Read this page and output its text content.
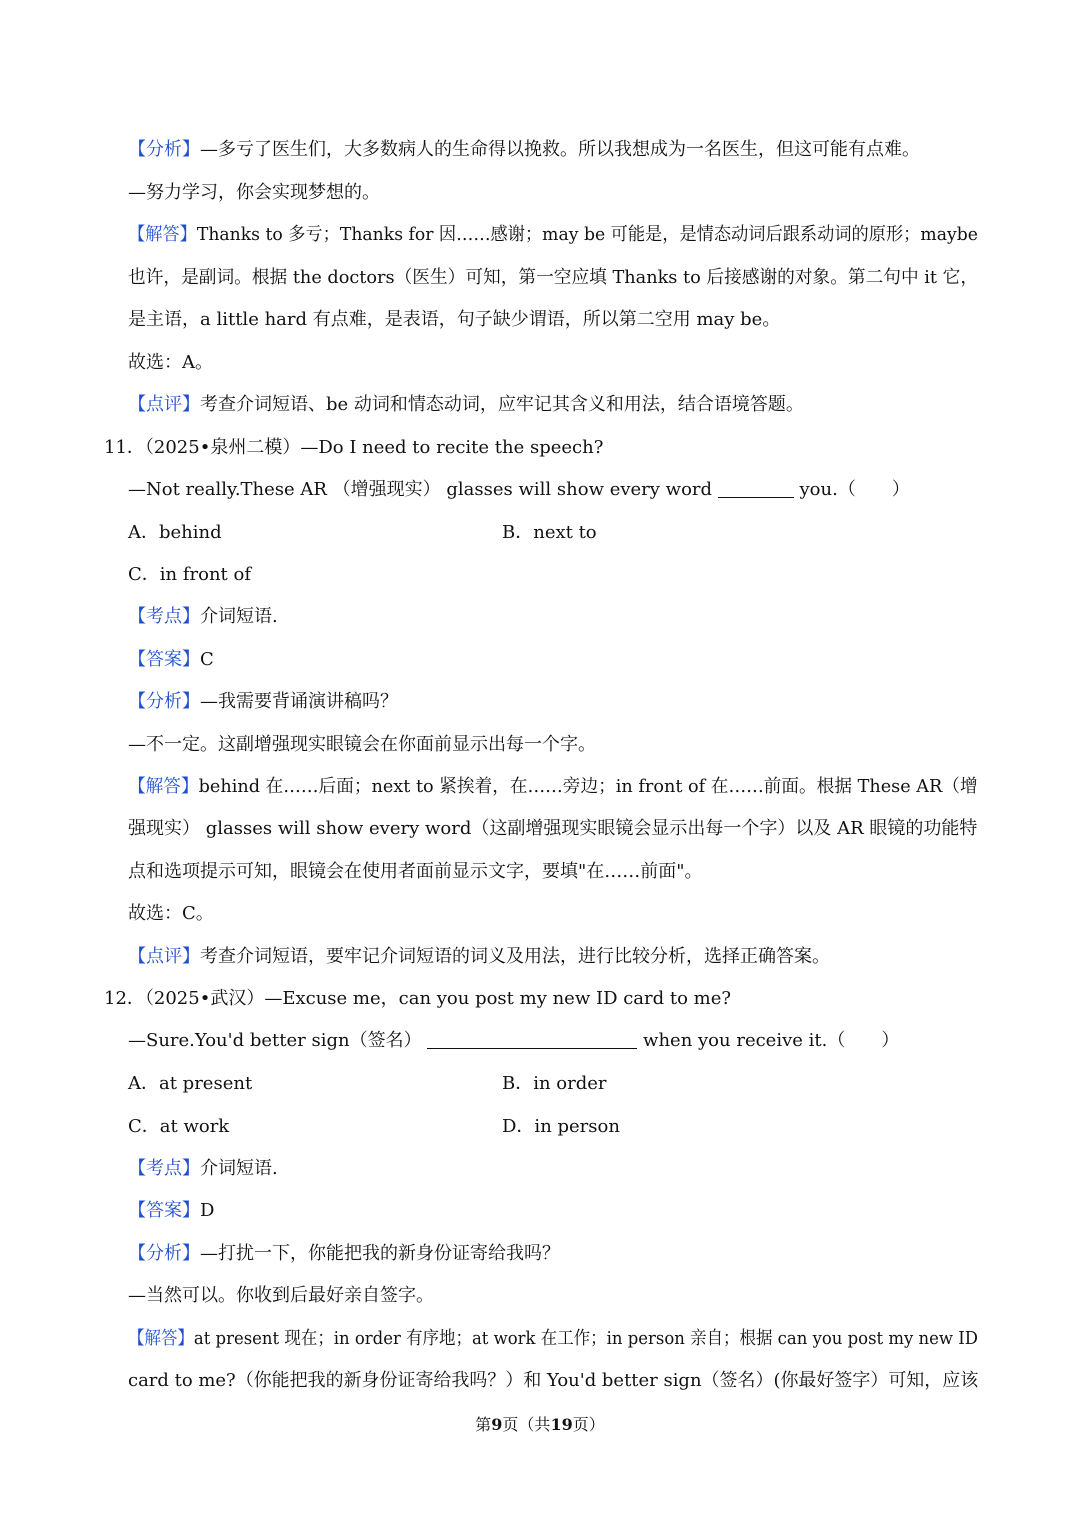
【分析】—多亏了医生们，大多数病人的生命得以挽救。所以我想成为一名医生，但这可能有点难。
—努力学习，你会实现梦想的。
【解答】Thanks to 多亏；Thanks for 因……感谢；may be 可能是，是情态动词后跟系动词的原形；maybe
也许，是副词。根据 the doctors（医生）可知，第一空应填 Thanks to 后接感谢的对象。第二句中 it 它，
是主语，a little hard 有点难，是表语，句子缺少谓语，所以第二空用 may be。
故选：A。
【点评】考查介词短语、be 动词和情态动词，应牢记其含义和用法，结合语境答题。
11．（2025•泉州二模）—Do I need to recite the speech?
—Not really.These AR （增强现实） glasses will show every word	you.（　　）
A．behind	B．next to
C．in front of
【考点】介词短语.
【答案】C
【分析】—我需要背诵演讲稿吗？
—不一定。这副增强现实眼镜会在你面前显示出每一个字。
【解答】behind 在……后面；next to 紧挨着，在……旁边；in front of 在……前面。根据 These AR（增
强现实） glasses will show every word（这副增强现实眼镜会显示出每一个字）以及 AR 眼镜的功能特
点和选项提示可知，眼镜会在使用者面前显示文字，要填"在……前面"。
故选：C。
【点评】考查介词短语，要牢记介词短语的词义及用法，进行比较分析，选择正确答案。
12．（2025•武汉）—Excuse me，can you post my new ID card to me?
—Sure.You'd better sign（签名）	when you receive it.（　　）
A．at present	B．in order
C．at work	D．in person
【考点】介词短语.
【答案】D
【分析】—打扰一下，你能把我的新身份证寄给我吗？
—当然可以。你收到后最好亲自签字。
【解答】at present 现在；in order 有序地；at work 在工作；in person 亲自；根据 can you post my new ID
card to me?（你能把我的新身份证寄给我吗？）和 You'd better sign（签名）(你最好签字）可知，应该
第9页（共19页）
